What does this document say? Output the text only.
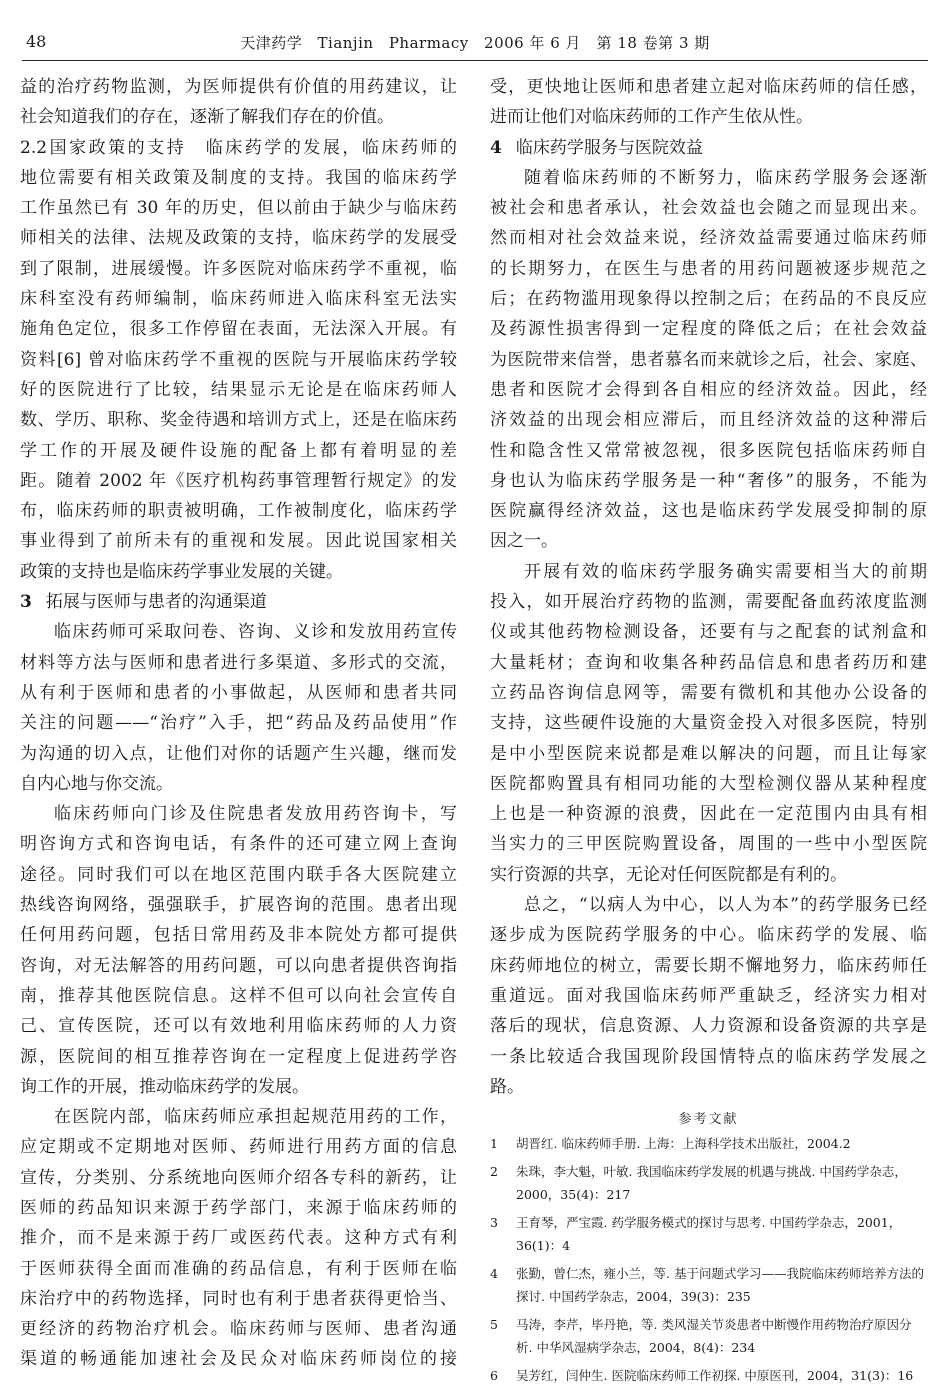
48	天津药学 Tianjin Pharmacy 2006 年 6 月　第 18 卷第 3 期
益的治疗药物监测，为医师提供有价值的用药建议，让
社会知道我们的存在，逐渐了解我们存在的价值。
2.2国家政策的支持　临床药学的发展，临床药师的
地位需要有相关政策及制度的支持。我国的临床药学
工作虽然已有 30 年的历史，但以前由于缺少与临床药
师相关的法律、法规及政策的支持，临床药学的发展受
到了限制，进展缓慢。许多医院对临床药学不重视，临
床科室没有药师编制，临床药师进入临床科室无法实
施角色定位，很多工作停留在表面，无法深入开展。有
资料[6] 曾对临床药学不重视的医院与开展临床药学较
好的医院进行了比较，结果显示无论是在临床药师人
数、学历、职称、奖金待遇和培训方式上，还是在临床药
学工作的开展及硬件设施的配备上都有着明显的差
距。随着 2002 年《医疗机构药事管理暂行规定》的发
布，临床药师的职责被明确，工作被制度化，临床药学
事业得到了前所未有的重视和发展。因此说国家相关
政策的支持也是临床药学事业发展的关键。
3 拓展与医师与患者的沟通渠道
临床药师可采取问卷、咨询、义诊和发放用药宣传
材料等方法与医师和患者进行多渠道、多形式的交流，
从有利于医师和患者的小事做起，从医师和患者共同
关注的问题——“治疗”入手，把“药品及药品使用”作
为沟通的切入点，让他们对你的话题产生兴趣，继而发
自内心地与你交流。
临床药师向门诊及住院患者发放用药咨询卡，写
明咨询方式和咨询电话，有条件的还可建立网上查询
途径。同时我们可以在地区范围内联手各大医院建立
热线咨询网络，强强联手，扩展咨询的范围。患者出现
任何用药问题，包括日常用药及非本院处方都可提供
咨询，对无法解答的用药问题，可以向患者提供咨询指
南，推荐其他医院信息。这样不但可以向社会宣传自
己、宣传医院，还可以有效地利用临床药师的人力资
源，医院间的相互推荐咨询在一定程度上促进药学咨
询工作的开展，推动临床药学的发展。
在医院内部，临床药师应承担起规范用药的工作，
应定期或不定期地对医师、药师进行用药方面的信息
宣传，分类别、分系统地向医师介绍各专科的新药，让
医师的药品知识来源于药学部门，来源于临床药师的
推介，而不是来源于药厂或医药代表。这种方式有利
于医师获得全面而准确的药品信息，有利于医师在临
床治疗中的药物选择，同时也有利于患者获得更恰当、
更经济的药物治疗机会。临床药师与医师、患者沟通
渠道的畅通能加速社会及民众对临床药师岗位的接
受，更快地让医师和患者建立起对临床药师的信任感，
进而让他们对临床药师的工作产生依从性。
4 临床药学服务与医院效益
随着临床药师的不断努力，临床药学服务会逐渐
被社会和患者承认，社会效益也会随之而显现出来。
然而相对社会效益来说，经济效益需要通过临床药师
的长期努力，在医生与患者的用药问题被逐步规范之
后；在药物滥用现象得以控制之后；在药品的不良反应
及药源性损害得到一定程度的降低之后；在社会效益
为医院带来信誉，患者慕名而来就诊之后，社会、家庭、
患者和医院才会得到各自相应的经济效益。因此，经
济效益的出现会相应滞后，而且经济效益的这种滞后
性和隐含性又常常被忽视，很多医院包括临床药师自
身也认为临床药学服务是一种“奢侈”的服务，不能为
医院赢得经济效益，这也是临床药学发展受抑制的原
因之一。
开展有效的临床药学服务确实需要相当大的前期
投入，如开展治疗药物的监测，需要配备血药浓度监测
仪或其他药物检测设备，还要有与之配套的试剂盒和
大量耗材；查询和收集各种药品信息和患者药历和建
立药品咨询信息网等，需要有微机和其他办公设备的
支持，这些硬件设施的大量资金投入对很多医院，特别
是中小型医院来说都是难以解决的问题，而且让每家
医院都购置具有相同功能的大型检测仪器从某种程度
上也是一种资源的浪费，因此在一定范围内由具有相
当实力的三甲医院购置设备，周围的一些中小型医院
实行资源的共享，无论对任何医院都是有利的。
总之，“以病人为中心，以人为本”的药学服务已经
逐步成为医院药学服务的中心。临床药学的发展、临
床药师地位的树立，需要长期不懈地努力，临床药师任
重道远。面对我国临床药师严重缺乏，经济实力相对
落后的现状，信息资源、人力资源和设备资源的共享是
一条比较适合我国现阶段国情特点的临床药学发展之
路。
参考文献
1 胡晋红. 临床药师手册. 上海：上海科学技术出版社，2004.2
2 朱珠，李大魁，叶敏. 我国临床药学发展的机遇与挑战. 中国药学杂志，2000，35(4)：217
3 王育琴，严宝霞. 药学服务模式的探讨与思考. 中国药学杂志，2001，36(1)：4
4 张勤，曾仁杰，雍小兰，等. 基于问题式学习——我院临床药师培养方法的探讨. 中国药学杂志，2004，39(3)：235
5 马涛，李芹，毕丹艳，等. 类风湿关节炎患者中断慢作用药物治疗原因分析. 中华风湿病学杂志，2004，8(4)：234
6 吴芳红，闫仲生. 医院临床药师工作初探. 中原医刊，2004，31(3)：16
